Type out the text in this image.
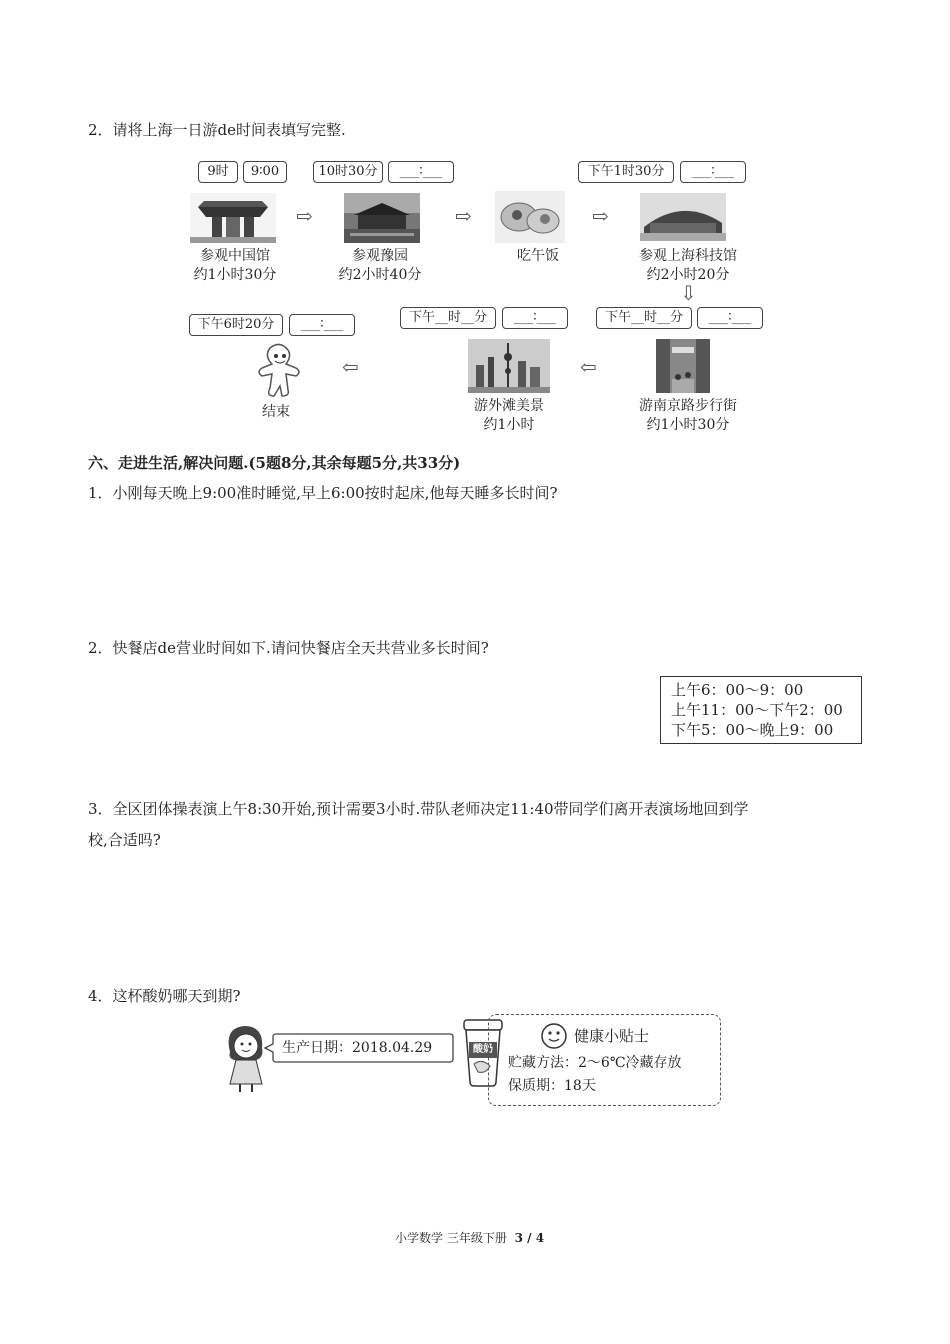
2．请将上海一日游de时间表填写完整.
9时	9∶00	10时30分	___∶___	下午1时30分	___∶___
⇨	⇨	⇨
参观中国馆
约1小时30分
参观豫园
约2小时40分
吃午饭	参观上海科技馆
约2小时20分
⇩
下午6时20分	___∶___	下午__时__分	___∶___	下午__时__分	___∶___
⇦	⇦
结束	游外滩美景
约1小时
游南京路步行街
约1小时30分
六、走进生活,解决问题.(5题8分,其余每题5分,共33分)
1．小刚每天晚上9:00准时睡觉,早上6:00按时起床,他每天睡多长时间?
2．快餐店de营业时间如下.请问快餐店全天共营业多长时间?
上午6：00～9：00
上午11：00～下午2：00
下午5：00～晚上9：00
3．全区团体操表演上午8:30开始,预计需要3小时.带队老师决定11:40带同学们离开表演场地回到学
校,合适吗?
4．这杯酸奶哪天到期?
生产日期：2018.04.29	酸奶
健康小贴士
贮藏方法：2～6℃冷藏存放
保质期：18天
小学数学 三年级下册 3 / 4
